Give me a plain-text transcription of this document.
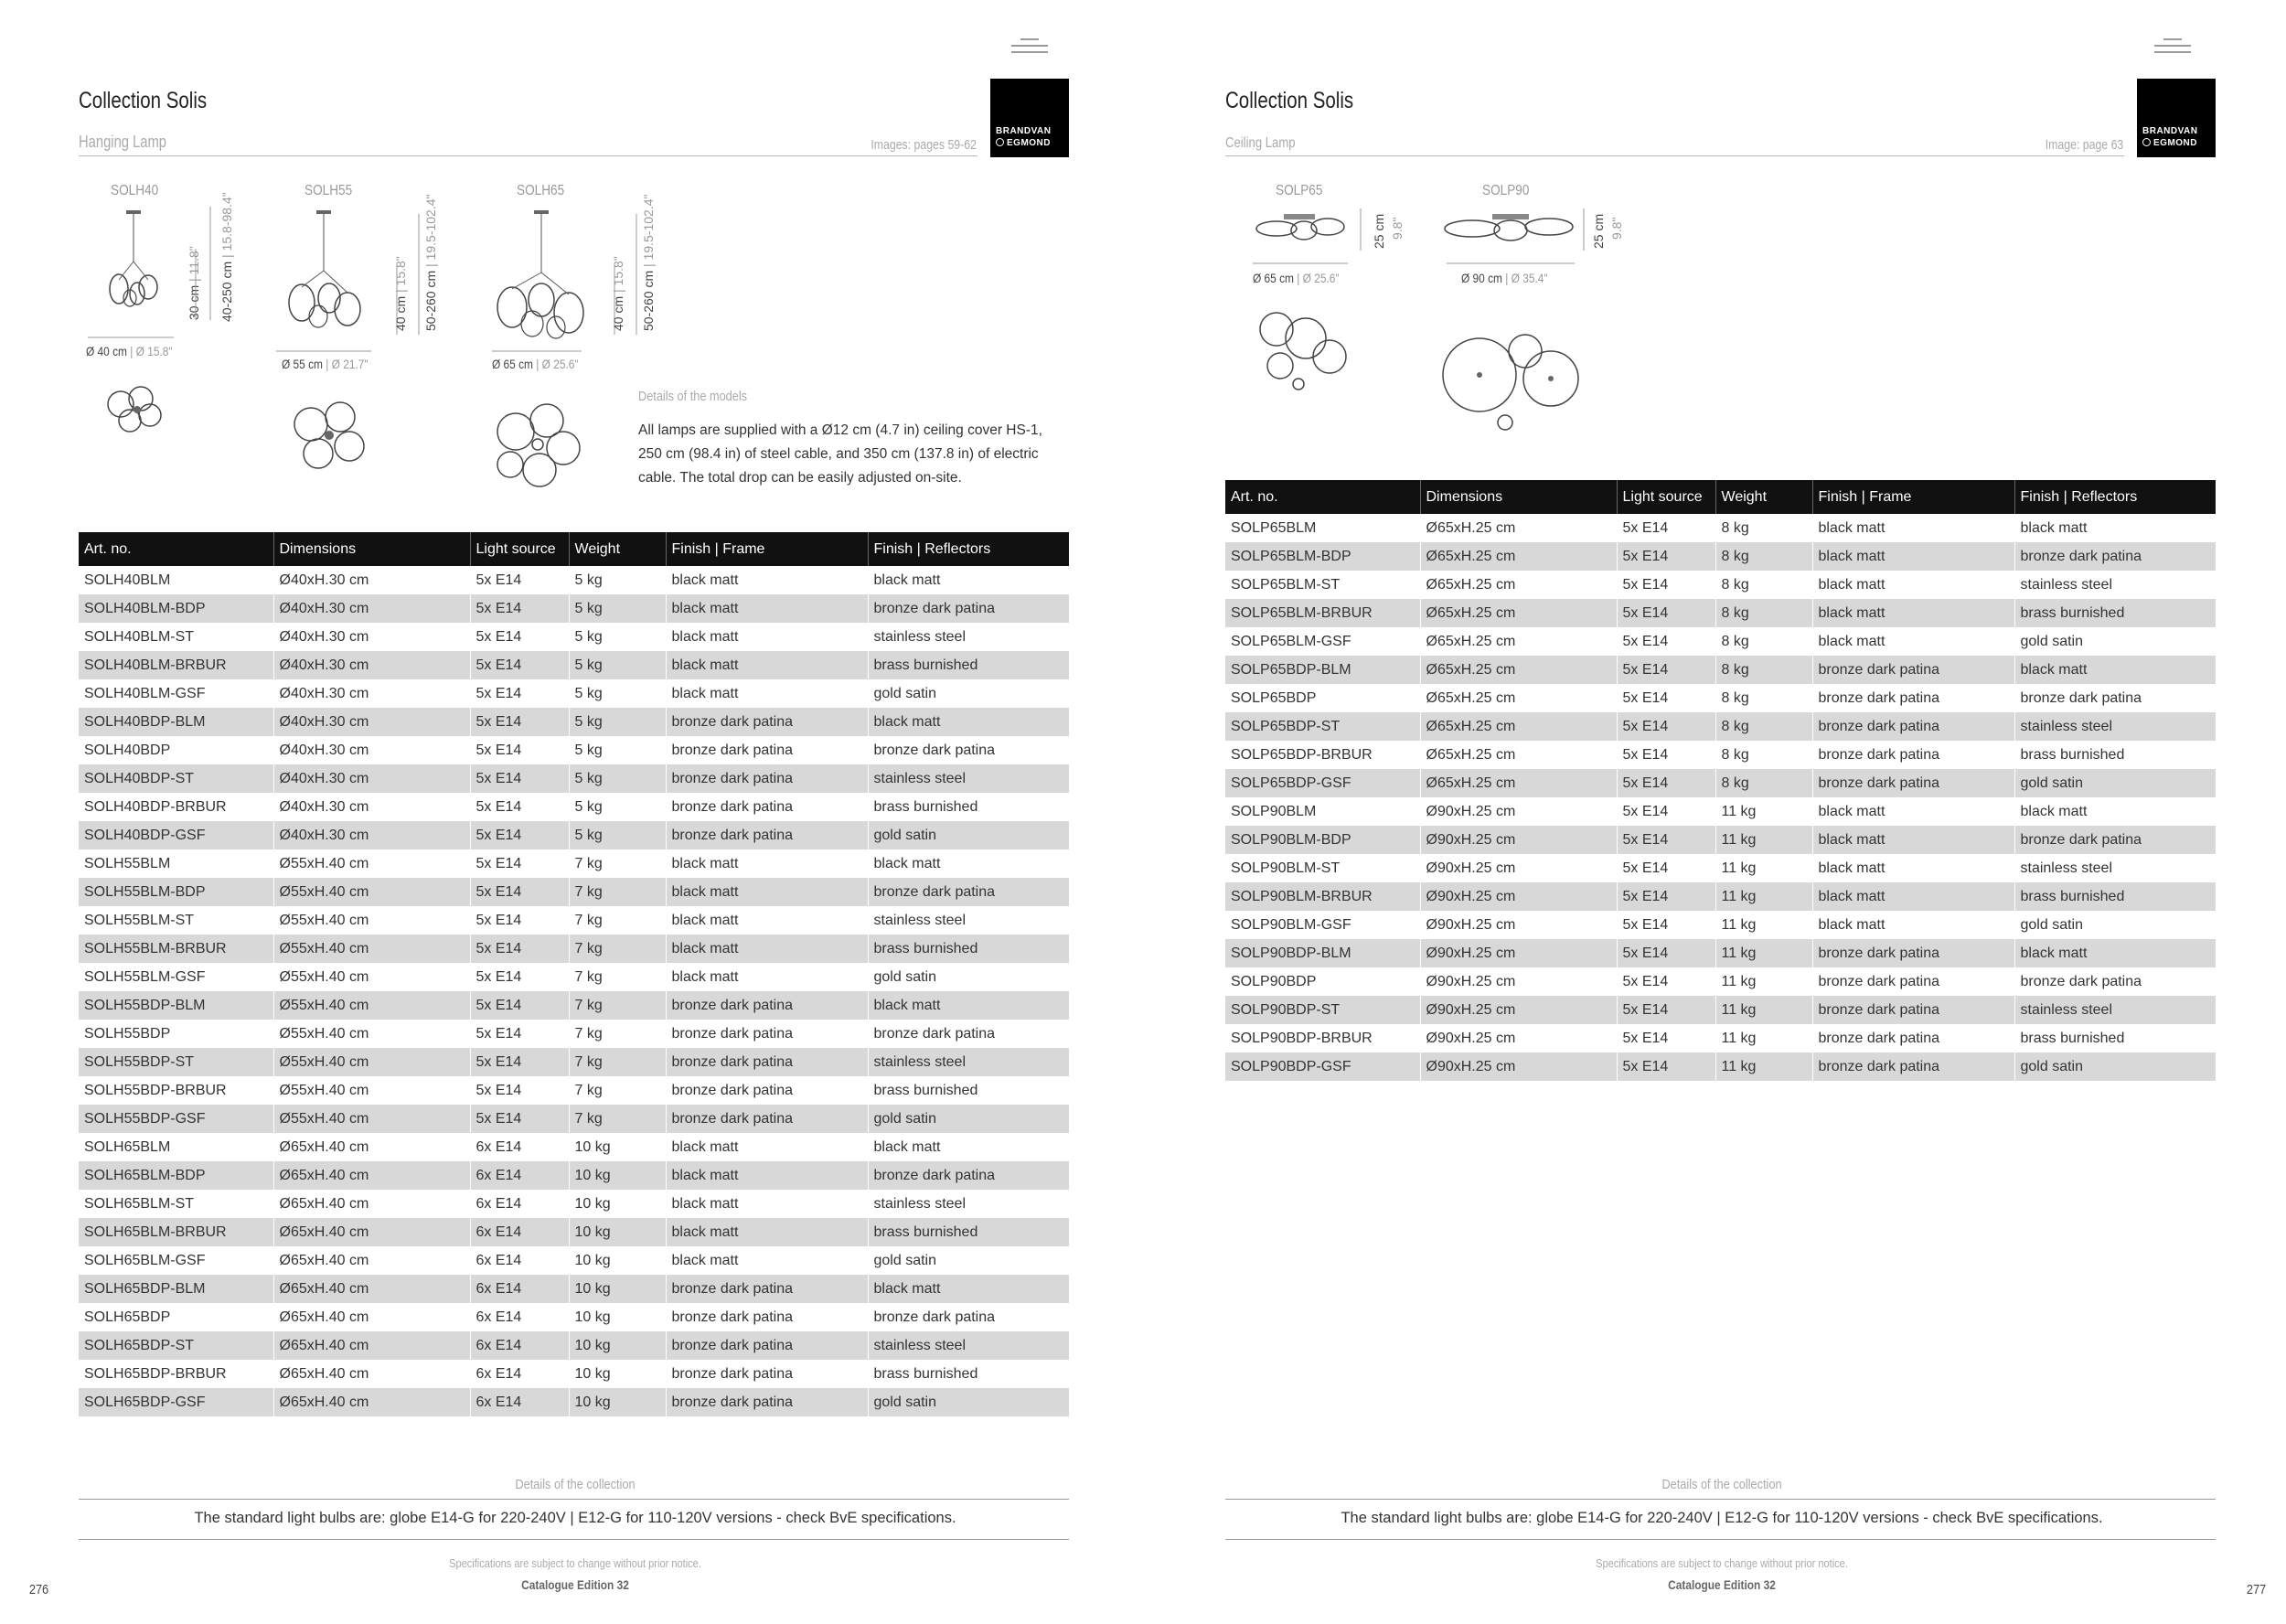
BRANDVAN
EGMOND
Collection Solis
Hanging Lamp	Images: pages 59-62
SOLH40	SOLH55	SOLH65
30 cm | 11.8"
40-250 cm | 15.8-98.4"
Ø 40 cm | Ø 15.8"
40 cm | 15.8" 50-260 cm | 19.5-102.4"
Ø 55 cm | Ø 21.7"
40 cm | 15.8" 50-260 cm | 19.5-102.4"
Ø 65 cm | Ø 25.6"
Details of the models
All lamps are supplied with a Ø12 cm (4.7 in) ceiling cover HS-1, 250 cm (98.4 in) of steel cable, and 350 cm (137.8 in) of electric cable. The total drop can be easily adjusted on-site.
Art. no.	Dimensions	Light source	Weight	Finish | Frame	Finish | Reflectors
SOLH40BLM	Ø40xH.30 cm	5x E14	5 kg	black matt	black matt
SOLH40BLM-BDP	Ø40xH.30 cm	5x E14	5 kg	black matt	bronze dark patina
SOLH40BLM-ST	Ø40xH.30 cm	5x E14	5 kg	black matt	stainless steel
SOLH40BLM-BRBUR	Ø40xH.30 cm	5x E14	5 kg	black matt	brass burnished
SOLH40BLM-GSF	Ø40xH.30 cm	5x E14	5 kg	black matt	gold satin
SOLH40BDP-BLM	Ø40xH.30 cm	5x E14	5 kg	bronze dark patina	black matt
SOLH40BDP	Ø40xH.30 cm	5x E14	5 kg	bronze dark patina	bronze dark patina
SOLH40BDP-ST	Ø40xH.30 cm	5x E14	5 kg	bronze dark patina	stainless steel
SOLH40BDP-BRBUR	Ø40xH.30 cm	5x E14	5 kg	bronze dark patina	brass burnished
SOLH40BDP-GSF	Ø40xH.30 cm	5x E14	5 kg	bronze dark patina	gold satin
SOLH55BLM	Ø55xH.40 cm	5x E14	7 kg	black matt	black matt
SOLH55BLM-BDP	Ø55xH.40 cm	5x E14	7 kg	black matt	bronze dark patina
SOLH55BLM-ST	Ø55xH.40 cm	5x E14	7 kg	black matt	stainless steel
SOLH55BLM-BRBUR	Ø55xH.40 cm	5x E14	7 kg	black matt	brass burnished
SOLH55BLM-GSF	Ø55xH.40 cm	5x E14	7 kg	black matt	gold satin
SOLH55BDP-BLM	Ø55xH.40 cm	5x E14	7 kg	bronze dark patina	black matt
SOLH55BDP	Ø55xH.40 cm	5x E14	7 kg	bronze dark patina	bronze dark patina
SOLH55BDP-ST	Ø55xH.40 cm	5x E14	7 kg	bronze dark patina	stainless steel
SOLH55BDP-BRBUR	Ø55xH.40 cm	5x E14	7 kg	bronze dark patina	brass burnished
SOLH55BDP-GSF	Ø55xH.40 cm	5x E14	7 kg	bronze dark patina	gold satin
SOLH65BLM	Ø65xH.40 cm	6x E14	10 kg	black matt	black matt
SOLH65BLM-BDP	Ø65xH.40 cm	6x E14	10 kg	black matt	bronze dark patina
SOLH65BLM-ST	Ø65xH.40 cm	6x E14	10 kg	black matt	stainless steel
SOLH65BLM-BRBUR	Ø65xH.40 cm	6x E14	10 kg	black matt	brass burnished
SOLH65BLM-GSF	Ø65xH.40 cm	6x E14	10 kg	black matt	gold satin
SOLH65BDP-BLM	Ø65xH.40 cm	6x E14	10 kg	bronze dark patina	black matt
SOLH65BDP	Ø65xH.40 cm	6x E14	10 kg	bronze dark patina	bronze dark patina
SOLH65BDP-ST	Ø65xH.40 cm	6x E14	10 kg	bronze dark patina	stainless steel
SOLH65BDP-BRBUR	Ø65xH.40 cm	6x E14	10 kg	bronze dark patina	brass burnished
SOLH65BDP-GSF	Ø65xH.40 cm	6x E14	10 kg	bronze dark patina	gold satin
Details of the collection
The standard light bulbs are: globe E14-G for 220-240V | E12-G for 110-120V versions - check BvE specifications.
Specifications are subject to change without prior notice.
Catalogue Edition 32
276
BRANDVAN
EGMOND
Collection Solis
Ceiling Lamp	Image: page 63
SOLP65	SOLP90
25 cm 9.8"
Ø 65 cm | Ø 25.6"
25 cm 9.8"
Ø 90 cm | Ø 35.4"
Art. no.	Dimensions	Light source	Weight	Finish | Frame	Finish | Reflectors
SOLP65BLM	Ø65xH.25 cm	5x E14	8 kg	black matt	black matt
SOLP65BLM-BDP	Ø65xH.25 cm	5x E14	8 kg	black matt	bronze dark patina
SOLP65BLM-ST	Ø65xH.25 cm	5x E14	8 kg	black matt	stainless steel
SOLP65BLM-BRBUR	Ø65xH.25 cm	5x E14	8 kg	black matt	brass burnished
SOLP65BLM-GSF	Ø65xH.25 cm	5x E14	8 kg	black matt	gold satin
SOLP65BDP-BLM	Ø65xH.25 cm	5x E14	8 kg	bronze dark patina	black matt
SOLP65BDP	Ø65xH.25 cm	5x E14	8 kg	bronze dark patina	bronze dark patina
SOLP65BDP-ST	Ø65xH.25 cm	5x E14	8 kg	bronze dark patina	stainless steel
SOLP65BDP-BRBUR	Ø65xH.25 cm	5x E14	8 kg	bronze dark patina	brass burnished
SOLP65BDP-GSF	Ø65xH.25 cm	5x E14	8 kg	bronze dark patina	gold satin
SOLP90BLM	Ø90xH.25 cm	5x E14	11 kg	black matt	black matt
SOLP90BLM-BDP	Ø90xH.25 cm	5x E14	11 kg	black matt	bronze dark patina
SOLP90BLM-ST	Ø90xH.25 cm	5x E14	11 kg	black matt	stainless steel
SOLP90BLM-BRBUR	Ø90xH.25 cm	5x E14	11 kg	black matt	brass burnished
SOLP90BLM-GSF	Ø90xH.25 cm	5x E14	11 kg	black matt	gold satin
SOLP90BDP-BLM	Ø90xH.25 cm	5x E14	11 kg	bronze dark patina	black matt
SOLP90BDP	Ø90xH.25 cm	5x E14	11 kg	bronze dark patina	bronze dark patina
SOLP90BDP-ST	Ø90xH.25 cm	5x E14	11 kg	bronze dark patina	stainless steel
SOLP90BDP-BRBUR	Ø90xH.25 cm	5x E14	11 kg	bronze dark patina	brass burnished
SOLP90BDP-GSF	Ø90xH.25 cm	5x E14	11 kg	bronze dark patina	gold satin
Details of the collection
The standard light bulbs are: globe E14-G for 220-240V | E12-G for 110-120V versions - check BvE specifications.
Specifications are subject to change without prior notice.
Catalogue Edition 32	277
